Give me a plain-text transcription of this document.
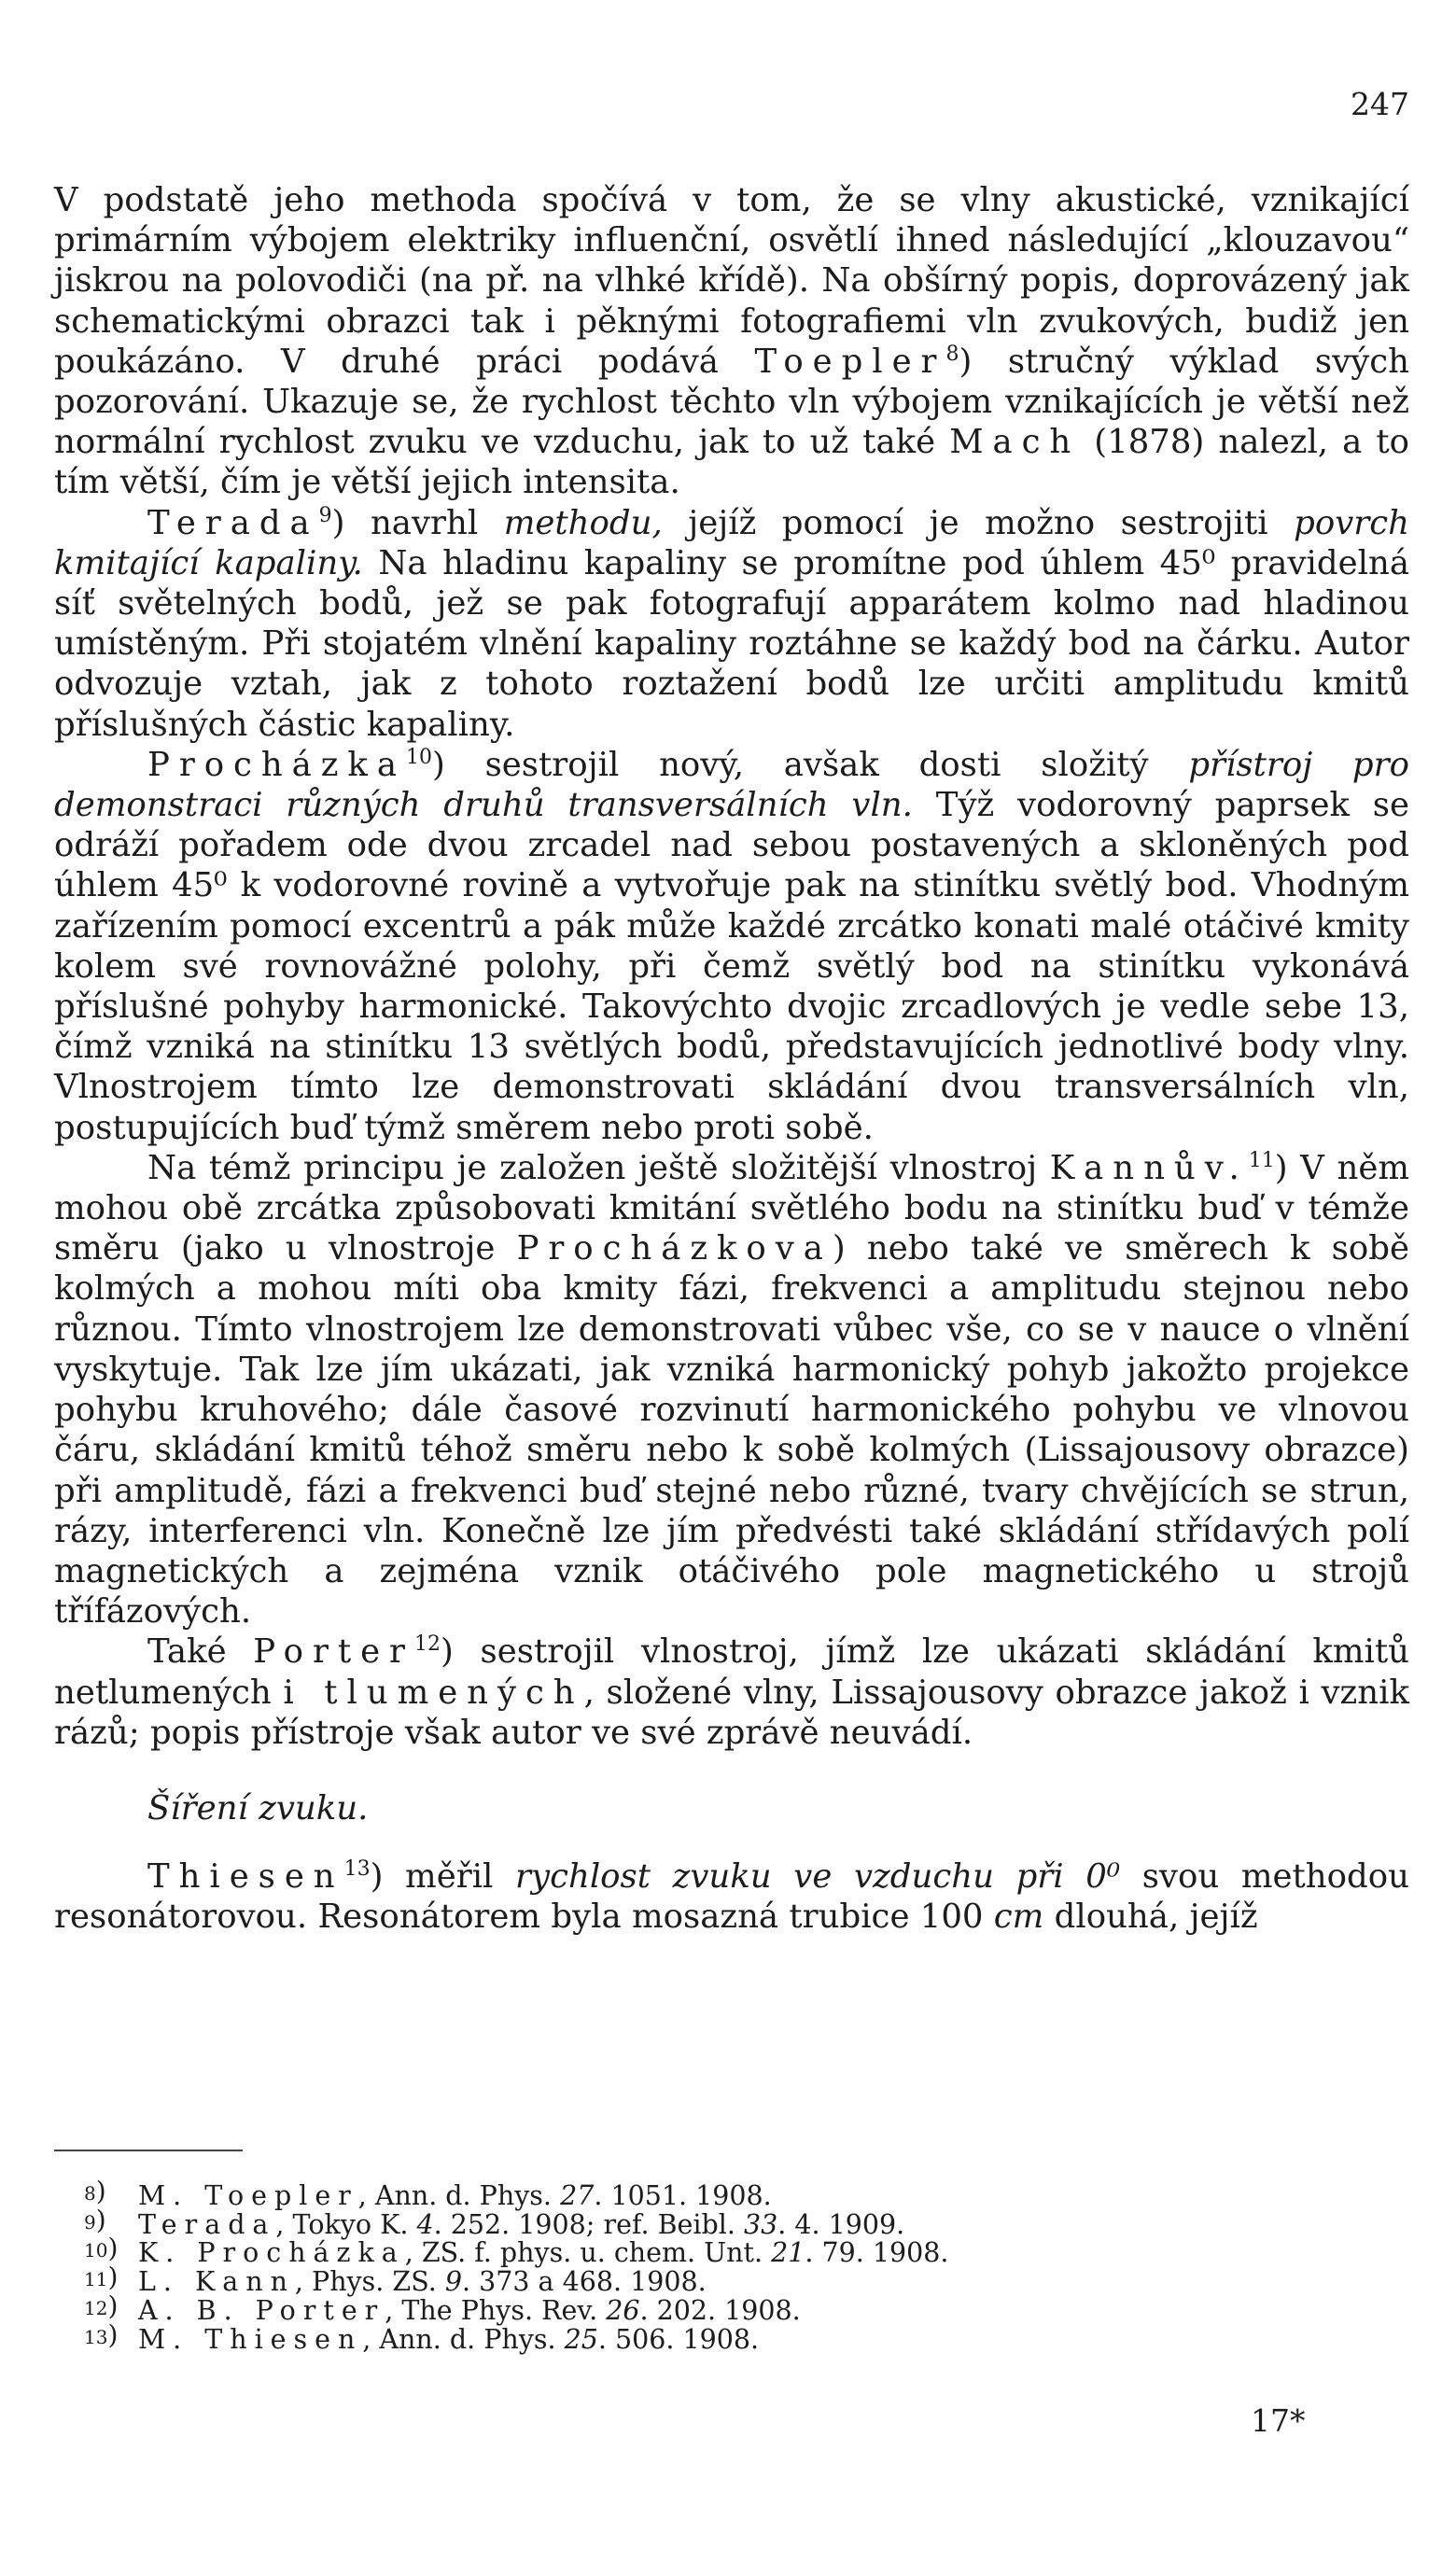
247

V podstatě jeho methoda spočívá v tom, že se vlny akustické, vznikající primárním výbojem elektriky influenční, osvětlí ihned následující „klouzavou“ jiskrou na polovodiči (na př. na vlhké křídě). Na obšírný popis, doprovázený jak schematickými obrazci tak i pěknými fotografiemi vln zvukových, budiž jen poukázáno. V druhé práci podává Toepler$^8$) stručný výklad svých pozorování. Ukazuje se, že rychlost těchto vln výbojem vznikajících je větší než normální rychlost zvuku ve vzduchu, jak to už také Mach (1878) nalezl, a to tím větší, čím je větší jejich intensita.

Terada$^9$) navrhl methodu, jejíž pomocí je možno sestrojiti povrch kmitající kapaliny. Na hladinu kapaliny se promítne pod úhlem 45⁰ pravidelná síť světelných bodů, jež se pak fotografují apparátem kolmo nad hladinou umístěným. Při stojatém vlnění kapaliny roztáhne se každý bod na čárku. Autor odvozuje vztah, jak z tohoto roztažení bodů lze určiti amplitudu kmitů příslušných částic kapaliny.

Procházka$^{10}$) sestrojil nový, avšak dosti složitý přístroj pro demonstraci různých druhů transversálních vln. Týž vodorovný paprsek se odráží pořadem ode dvou zrcadel nad sebou postavených a skloněných pod úhlem 45⁰ k vodorovné rovině a vytvořuje pak na stinítku světlý bod. Vhodným zařízením pomocí excentrů a pák může každé zrcátko konati malé otáčivé kmity kolem své rovnovážné polohy, při čemž světlý bod na stinítku vykonává příslušné pohyby harmonické. Takovýchto dvojic zrcadlových je vedle sebe 13, čímž vzniká na stinítku 13 světlých bodů, představujících jednotlivé body vlny. Vlnostrojem tímto lze demonstrovati skládání dvou transversálních vln, postupujících buď týmž směrem nebo proti sobě.

Na témž principu je založen ještě složitější vlnostroj Kannův.$^{11}$) V něm mohou obě zrcátka způsobovati kmitání světlého bodu na stinítku buď v témže směru (jako u vlnostroje Procházkova) nebo také ve směrech k sobě kolmých a mohou míti oba kmity fázi, frekvenci a amplitudu stejnou nebo různou. Tímto vlnostrojem lze demonstrovati vůbec vše, co se v nauce o vlnění vyskytuje. Tak lze jím ukázati, jak vzniká harmonický pohyb jakožto projekce pohybu kruhového; dále časové rozvinutí harmonického pohybu ve vlnovou čáru, skládání kmitů téhož směru nebo k sobě kolmých (Lissajousovy obrazce) při amplitudě, fázi a frekvenci buď stejné nebo různé, tvary chvějících se strun, rázy, interferenci vln. Konečně lze jím předvésti také skládání střídavých polí magnetických a zejména vznik otáčivého pole magnetického u strojů třífázových.

Také Porter$^{12}$) sestrojil vlnostroj, jímž lze ukázati skládání kmitů netlumených i tlumených, složené vlny, Lissajousovy obrazce jakož i vznik rázů; popis přístroje však autor ve své zprávě neuvádí.

Šíření zvuku.

Thiesen$^{13}$) měřil rychlost zvuku ve vzduchu při 0⁰ svou methodou resonátorovou. Resonátorem byla mosazná trubice 100 cm dlouhá, jejíž

8 )	M. Toepler, Ann. d. Phys. 27. 1051. 1908.
9 )	Terada, Tokyo K. 4. 252. 1908; ref. Beibl. 33. 4. 1909.
10 )	K. Procházka, ZS. f. phys. u. chem. Unt. 21. 79. 1908.
11 )	L. Kann, Phys. ZS. 9. 373 a 468. 1908.
12 )	A. B. Porter, The Phys. Rev. 26. 202. 1908.
13 )	M. Thiesen, Ann. d. Phys. 25. 506. 1908.
17*
